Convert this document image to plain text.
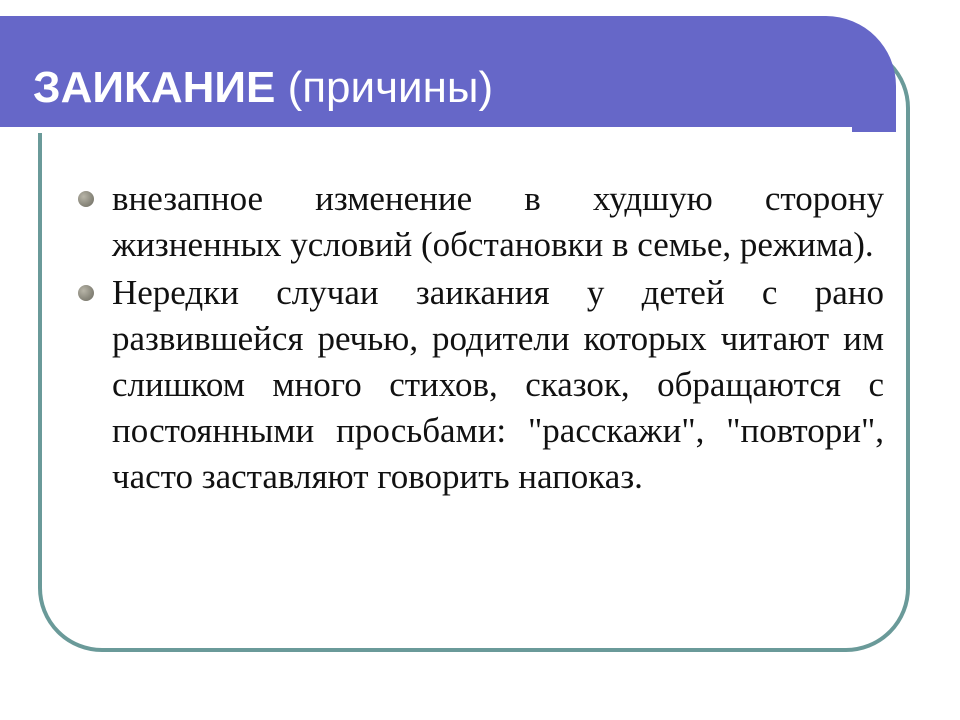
ЗАИКАНИЕ (причины)
внезапное изменение в худшую сторону жизненных условий (обстановки в семье, режима).
Нередки случаи заикания у детей с рано развившейся речью, родители которых читают им слишком много стихов, сказок, обращаются с постоянными просьбами: "расскажи", "повтори", часто заставляют говорить напоказ.
